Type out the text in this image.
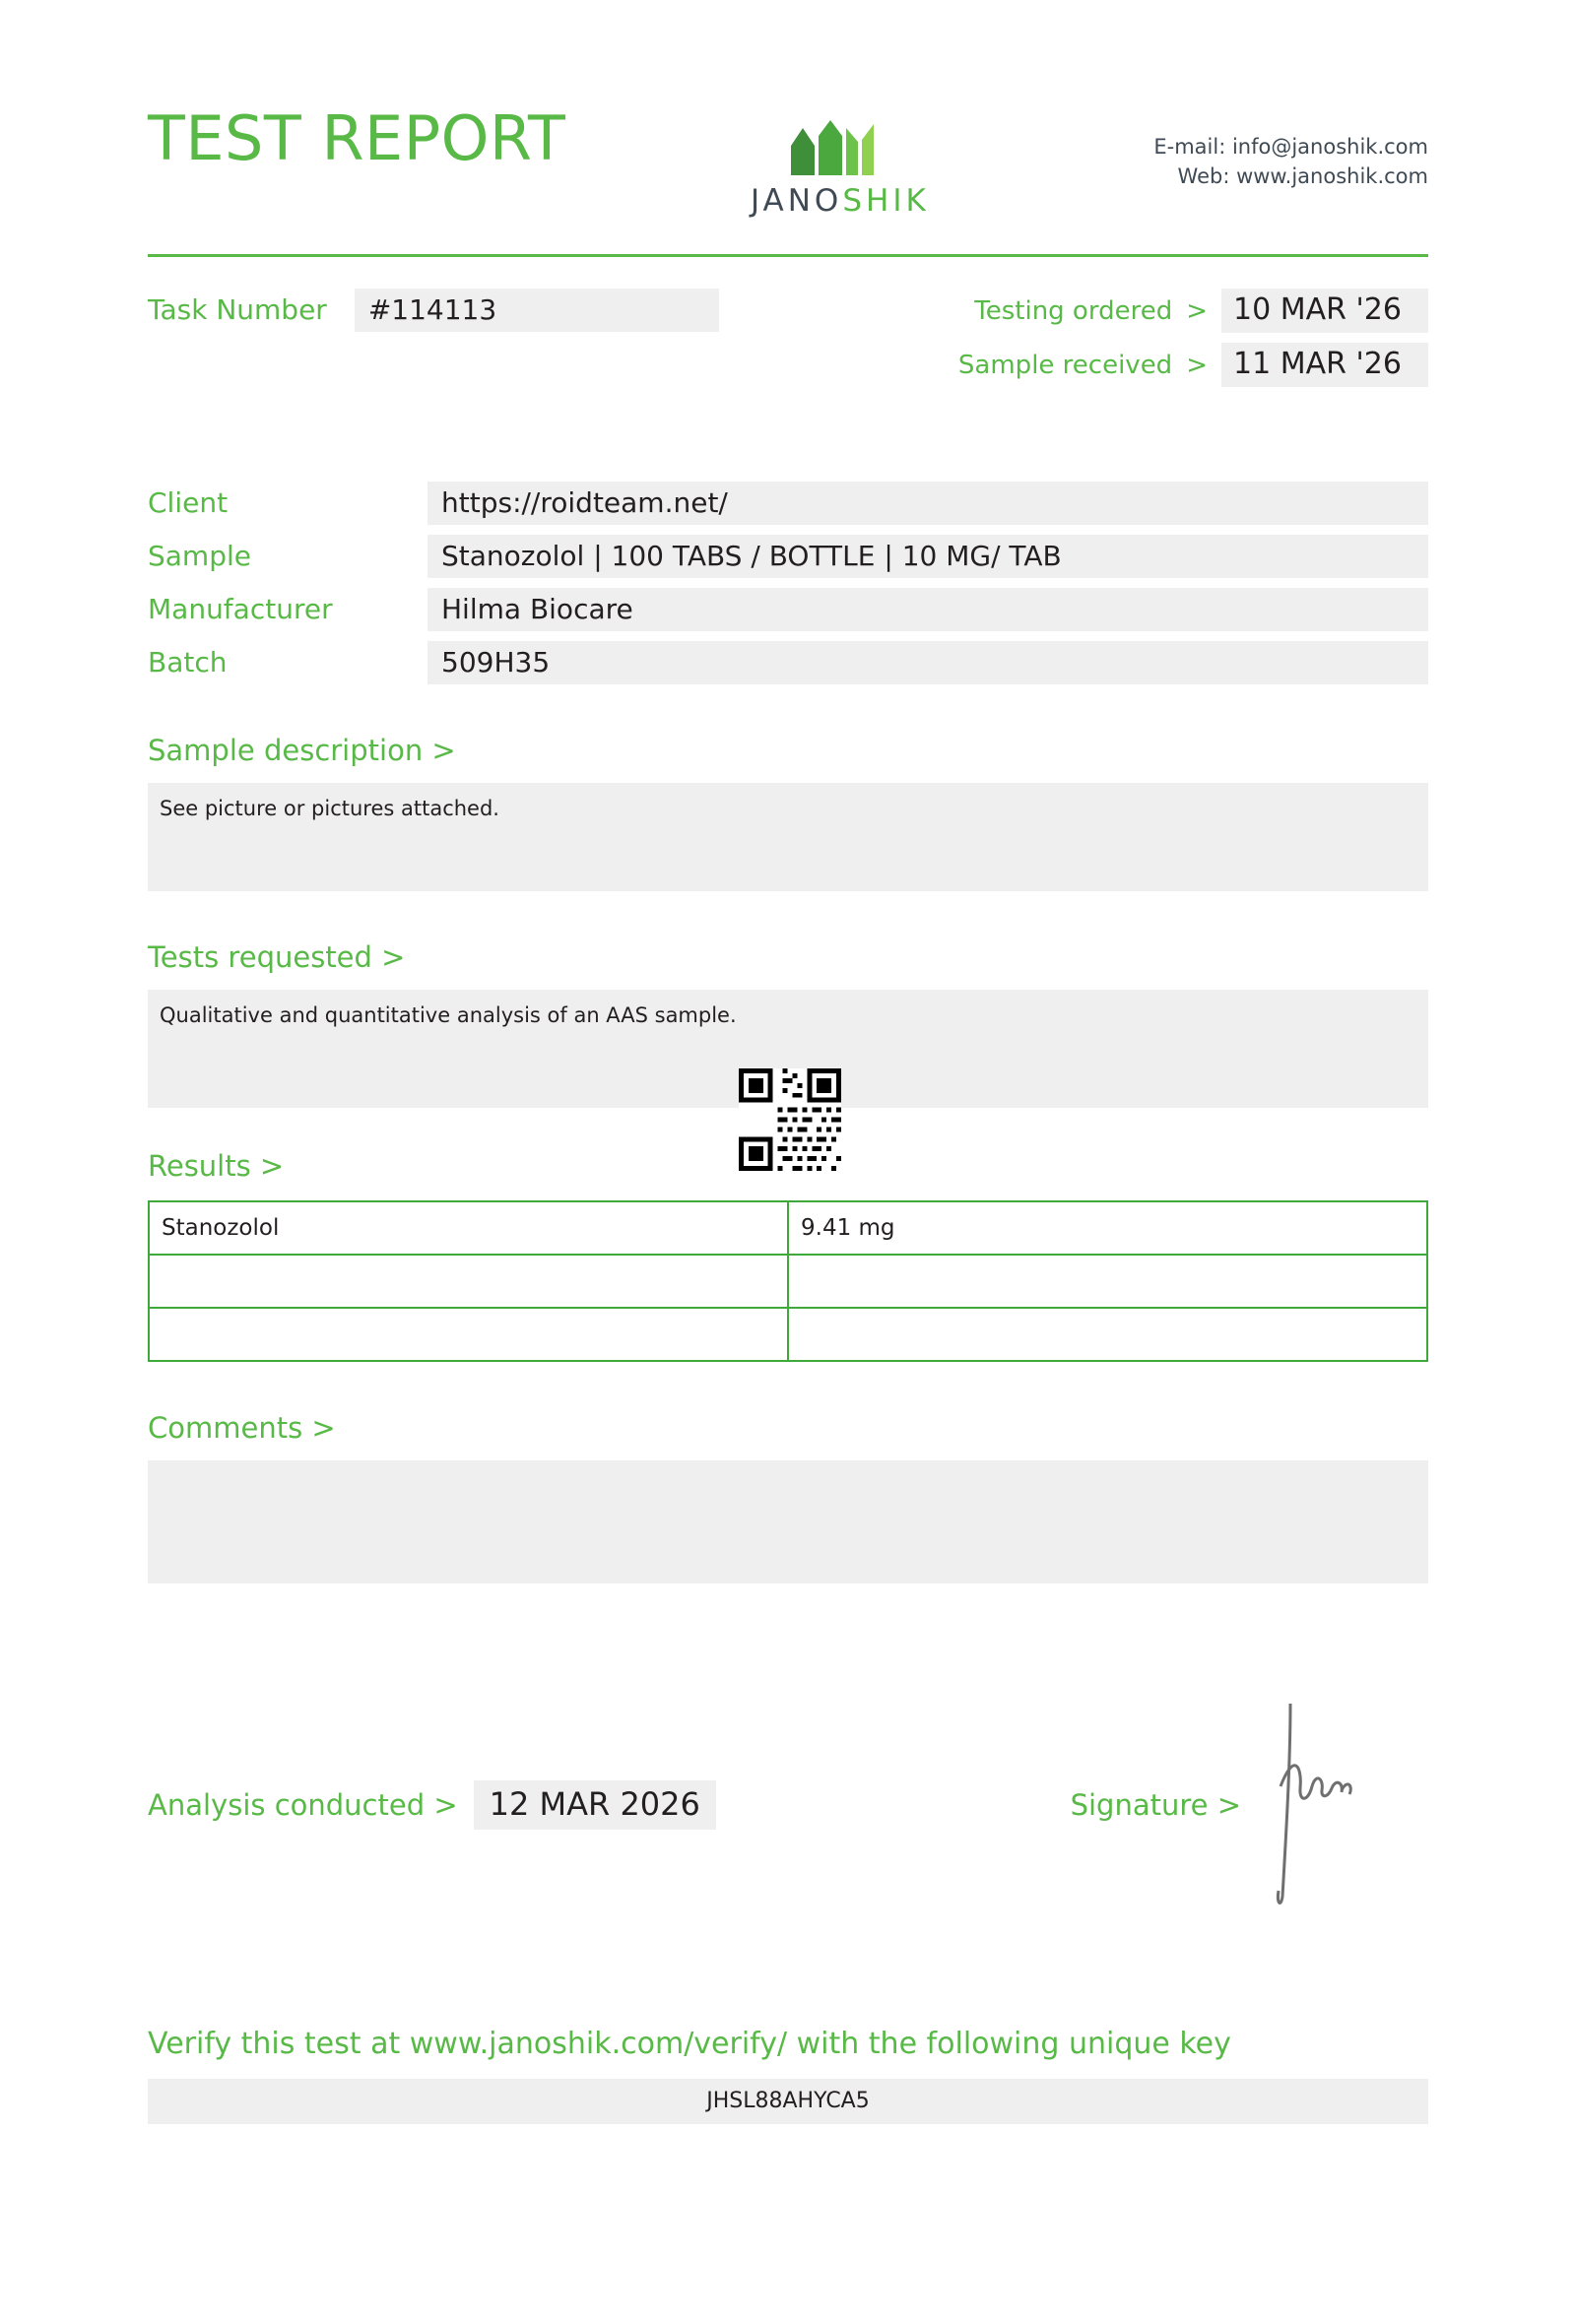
TEST REPORT
JANOSHIK
E-mail: info@janoshik.com
Web: www.janoshik.com
Task Number	#114113	Testing ordered > 10 MAR '26
Sample received > 11 MAR '26
Client	https://roidteam.net/
Sample	Stanozolol | 100 TABS / BOTTLE | 10 MG/ TAB
Manufacturer	Hilma Biocare
Batch	509H35
Sample description >
See picture or pictures attached.
Tests requested >
Qualitative and quantitative analysis of an AAS sample.
Results >
Stanozolol	9.41 mg

Comments >
Analysis conducted >	12 MAR 2026	Signature >
Verify this test at www.janoshik.com/verify/ with the following unique key
JHSL88AHYCA5
